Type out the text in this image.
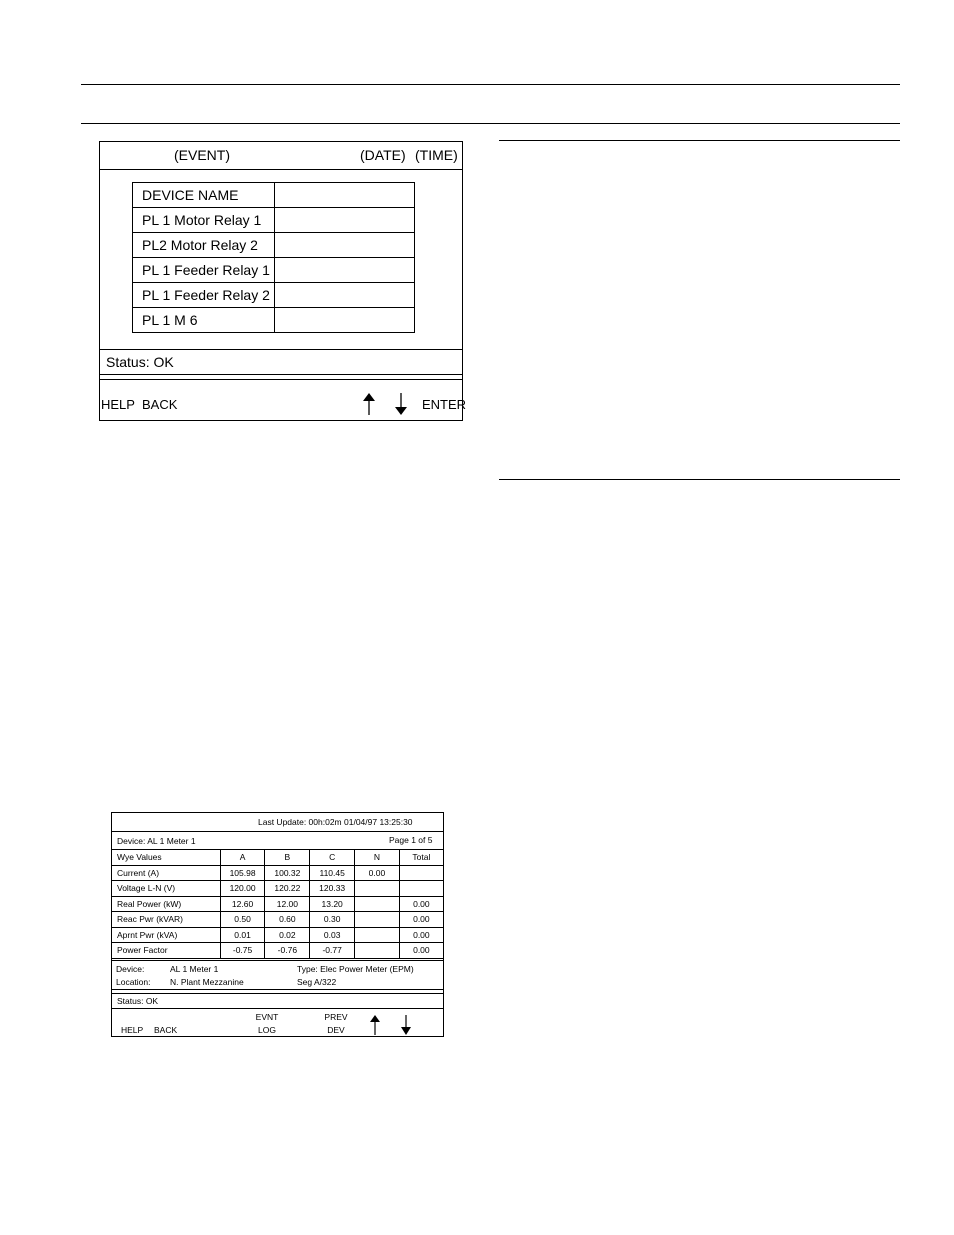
(EVENT)	(DATE) (TIME)
DEVICE NAME	
PL 1 Motor Relay 1	
PL2 Motor Relay 2	
PL 1 Feeder Relay 1	
PL 1 Feeder Relay 2	
PL 1 M 6	
Status: OK
HELP BACK	ENTER
Last Update: 00h:02m 01/04/97 13:25:30
Device: AL 1 Meter 1	Page 1 of 5
Wye Values	A	B	C	N	Total
Current (A)	105.98	100.32	110.45	0.00	
Voltage L-N (V)	120.00	120.22	120.33		
Real Power (kW)	12.60	12.00	13.20		0.00
Reac Pwr (kVAR)	0.50	0.60	0.30		0.00
Aprnt Pwr (kVA)	0.01	0.02	0.03		0.00
Power Factor	-0.75	-0.76	-0.77		0.00
Device:	AL 1 Meter 1	Type: Elec Power Meter (EPM)
Location: N. Plant Mezzanine	Seg A/322
Status: OK
HELP BACK
EVNT
LOG
PREV
DEV
